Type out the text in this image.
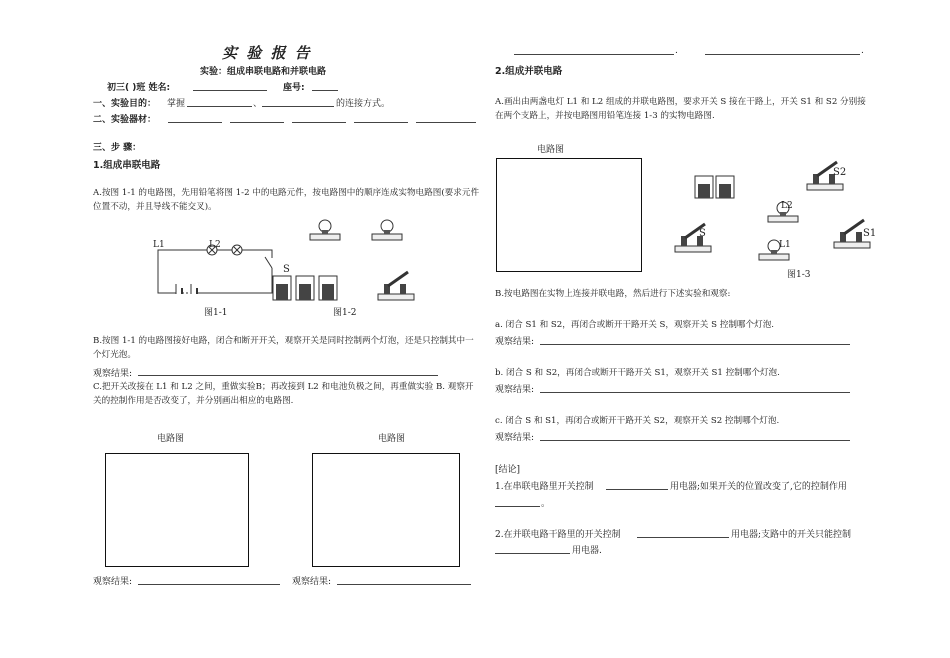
实 验 报 告
实验：组成串联电路和并联电路
初三( )班 姓名:	座号:
一、实验目的： 掌握	、	的连接方式。
二、实验器材：
三、步 骤：
1.组成串联电路
A.按图 1-1 的电路图，先用铅笔将图 1-2 中的电路元件，按电路图中的顺序连成实物电路图(要求元件位置不动，并且导线不能交叉)。
L1	L2
S
图1-1	图1-2
B.按图 1-1 的电路图接好电路，闭合和断开开关，观察开关是同时控制两个灯泡，还是只控制其中一个灯光泡。
观察结果:
C.把开关改接在 L1 和 L2 之间，重做实验B；再改接到 L2 和电池负极之间，再重做实验 B. 观察开关的控制作用是否改变了，并分别画出相应的电路图.
电路图	电路图
观察结果:	观察结果:
.	.
2.组成并联电路
A.画出由两盏电灯 L1 和 L2 组成的并联电路图，要求开关 S 接在干路上，开关 S1 和 S2 分别接在两个支路上，并按电路图用铅笔连接 1-3 的实物电路图.
电路图
S2
L2
S
L1
S1
图1-3
B.按电路图在实物上连接并联电路，然后进行下述实验和观察:
a. 闭合 S1 和 S2，再闭合或断开干路开关 S，观察开关 S 控制哪个灯泡.
观察结果:
b. 闭合 S 和 S2，再闭合或断开干路开关 S1，观察开关 S1 控制哪个灯泡.
观察结果:
c. 闭合 S 和 S1，再闭合或断开干路开关 S2，观察开关 S2 控制哪个灯泡.
观察结果:
[结论]
1.在串联电路里开关控制	用电器;如果开关的位置改变了,它的控制作用
。
2.在并联电路干路里的开关控制	用电器;支路中的开关只能控制
用电器.
